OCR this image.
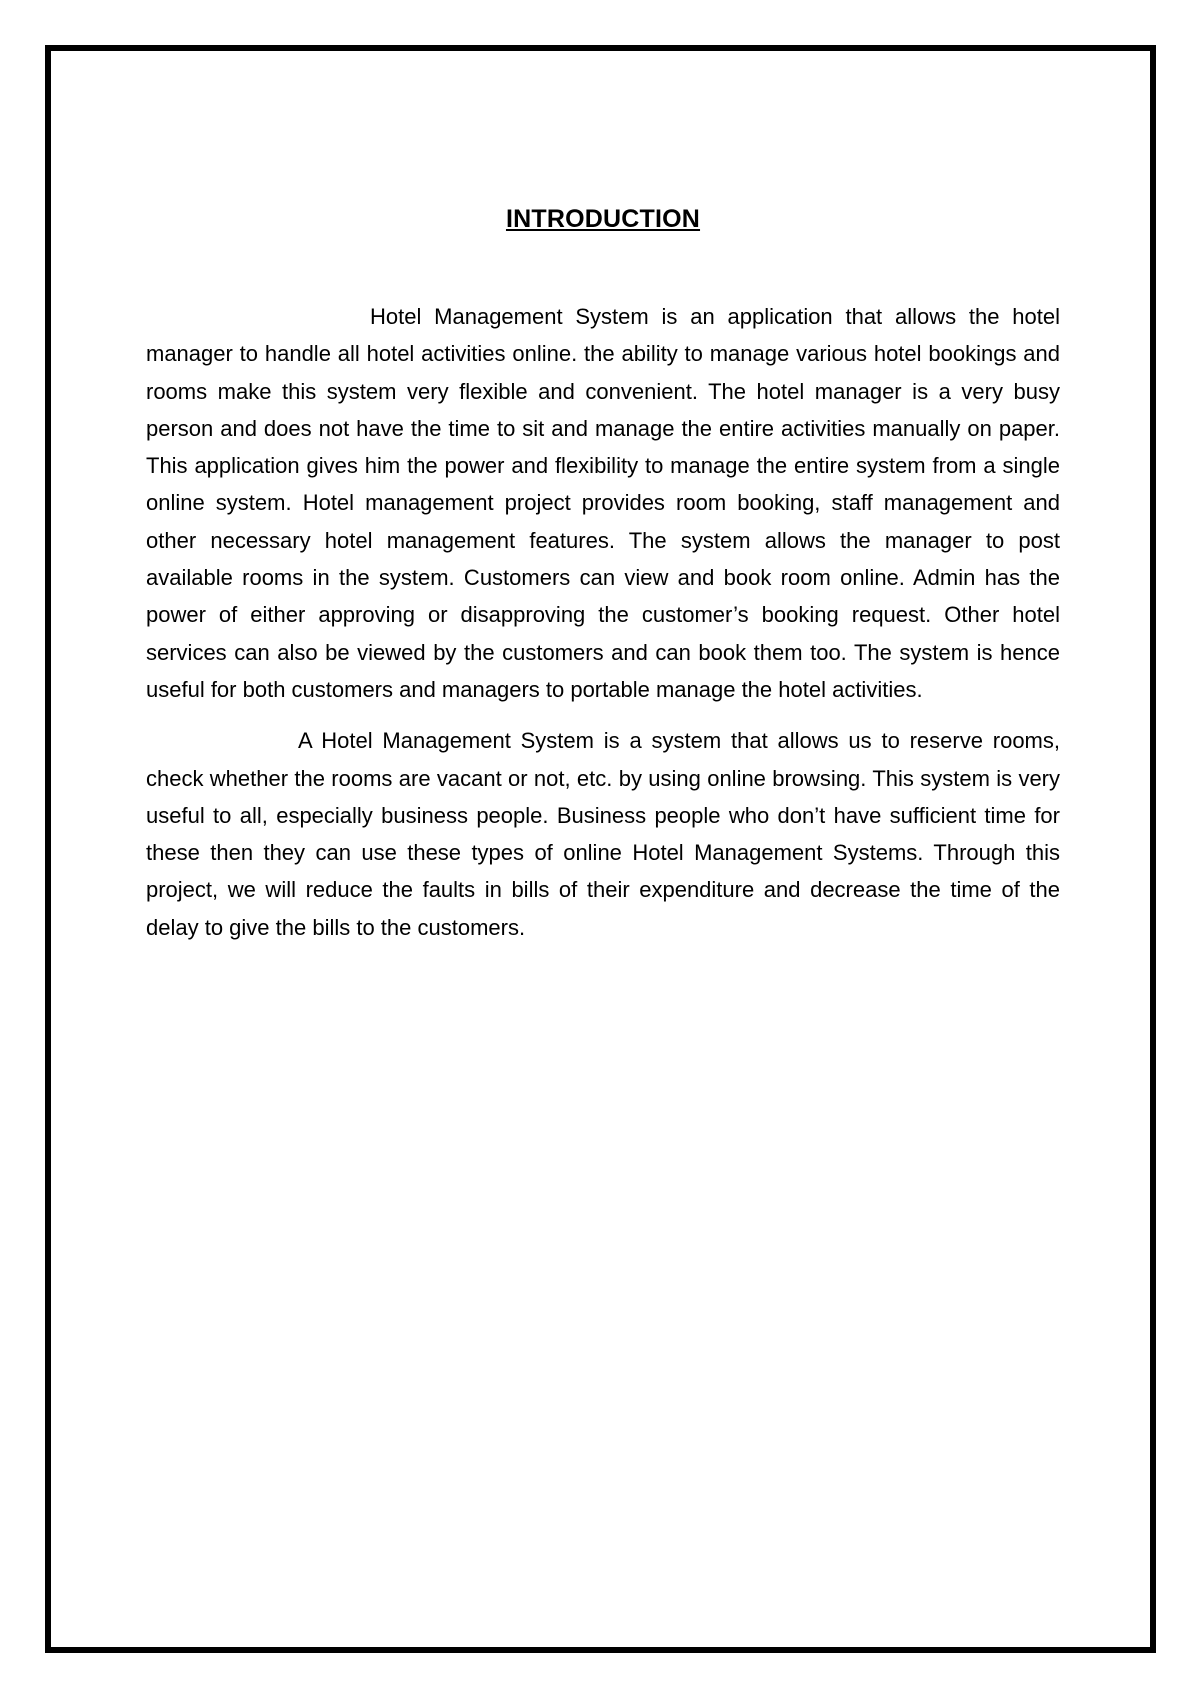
INTRODUCTION

Hotel Management System is an application that allows the hotel manager to handle all hotel activities online. the ability to manage various hotel bookings and rooms make this system very flexible and convenient. The hotel manager is a very busy person and does not have the time to sit and manage the entire activities manually on paper. This application gives him the power and flexibility to manage the entire system from a single online system. Hotel management project provides room booking, staff management and other necessary hotel management features. The system allows the manager to post available rooms in the system. Customers can view and book room online. Admin has the power of either approving or disapproving the customer’s booking request. Other hotel services can also be viewed by the customers and can book them too. The system is hence useful for both customers and managers to portable manage the hotel activities.

A Hotel Management System is a system that allows us to reserve rooms, check whether the rooms are vacant or not, etc. by using online browsing. This system is very useful to all, especially business people. Business people who don’t have sufficient time for these then they can use these types of online Hotel Management Systems. Through this project, we will reduce the faults in bills of their expenditure and decrease the time of the delay to give the bills to the customers.
